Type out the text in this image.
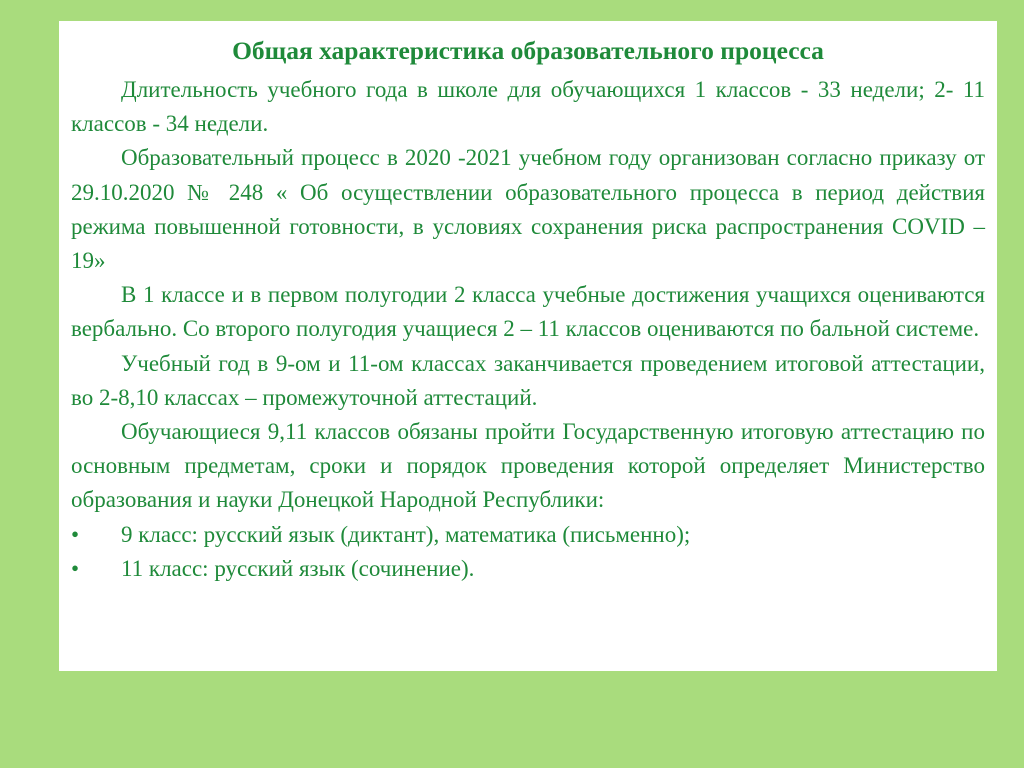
Общая характеристика образовательного процесса

Длительность учебного года в школе для обучающихся 1 классов - 33 недели; 2- 11 классов - 34 недели.

Образовательный процесс в 2020 -2021 учебном году организован согласно приказу от 29.10.2020 № 248 « Об осуществлении образовательного процесса в период действия режима повышенной готовности, в условиях сохранения риска распространения COVID – 19»

В 1 классе и в первом полугодии 2 класса учебные достижения учащихся оцениваются вербально. Со второго полугодия учащиеся 2 – 11 классов оцениваются по бальной системе.

Учебный год в 9-ом и 11-ом классах заканчивается проведением итоговой аттестации, во 2-8,10 классах – промежуточной аттестаций.

Обучающиеся 9,11 классов обязаны пройти Государственную итоговую аттестацию по основным предметам, сроки и порядок проведения которой определяет Министерство образования и науки Донецкой Народной Республики:

•	9 класс: русский язык (диктант), математика (письменно);
•	11 класс: русский язык (сочинение).
